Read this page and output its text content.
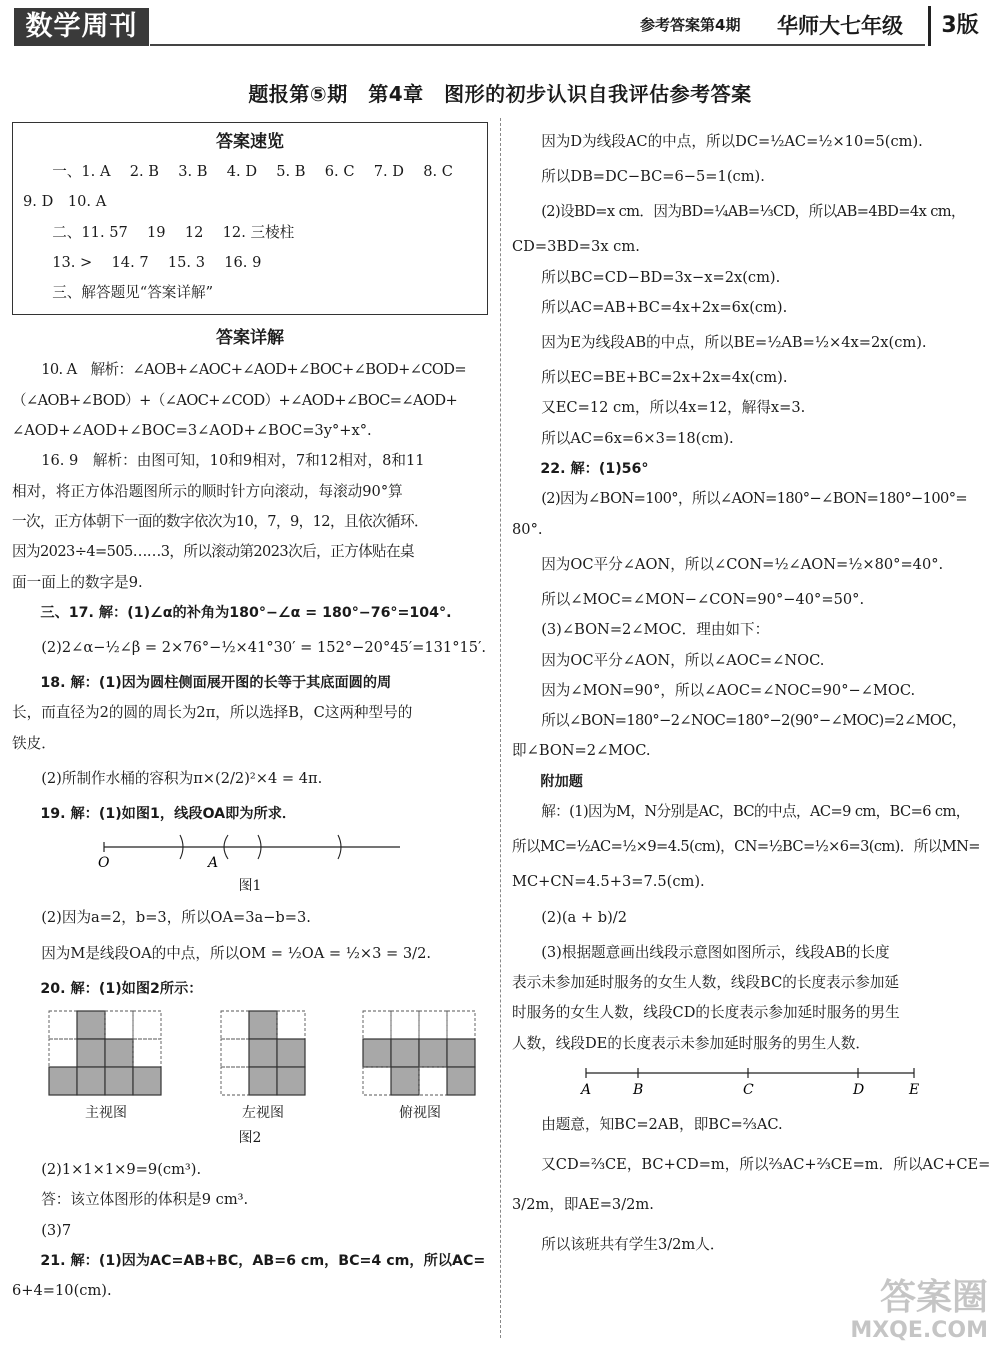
数学周刊	参考答案第4期 华师大七年级	3版
题报第⑤期　第4章　图形的初步认识自我评估参考答案
答案速览
一、1. A　 2. B　 3. B　 4. D　 5. B　 6. C　 7. D　 8. C
9. D　10. A
二、11. 57　 19　 12　 12. 三棱柱
13. >　 14. 7　 15. 3　 16. 9
三、解答题见“答案详解”
答案详解
10. A　解析：∠AOB+∠AOC+∠AOD+∠BOC+∠BOD+∠COD=
（∠AOB+∠BOD）+（∠AOC+∠COD）+∠AOD+∠BOC=∠AOD+
∠AOD+∠AOD+∠BOC=3∠AOD+∠BOC=3y°+x°.
16. 9　解析：由图可知，10和9相对，7和12相对，8和11
相对，将正方体沿题图所示的顺时针方向滚动，每滚动90°算
一次，正方体朝下一面的数字依次为10，7，9，12，且依次循环．
因为2023÷4=505……3，所以滚动第2023次后，正方体贴在桌
面一面上的数字是9.
三、17. 解：(1)∠α的补角为180°−∠α = 180°−76°=104°.
(2)2∠α−½∠β = 2×76°−½×41°30′ = 152°−20°45′=131°15′.
18. 解：(1)因为圆柱侧面展开图的长等于其底面圆的周
长，而直径为2的圆的周长为2π，所以选择B，C这两种型号的
铁皮．
(2)所制作水桶的容积为π×(2/2)²×4 = 4π.
19. 解：(1)如图1，线段OA即为所求．
O	A
图1
(2)因为a=2，b=3，所以OA=3a−b=3.
因为M是线段OA的中点，所以OM = ½OA = ½×3 = 3/2.
20. 解：(1)如图2所示：
主视图	左视图	俯视图
图2
(2)1×1×1×9=9(cm³).
答：该立体图形的体积是9 cm³.
(3)7
21. 解：(1)因为AC=AB+BC，AB=6 cm，BC=4 cm，所以AC=
6+4=10(cm).
因为D为线段AC的中点，所以DC=½AC=½×10=5(cm).
所以DB=DC−BC=6−5=1(cm).
(2)设BD=x cm．因为BD=¼AB=⅓CD，所以AB=4BD=4x cm，
CD=3BD=3x cm.
所以BC=CD−BD=3x−x=2x(cm).
所以AC=AB+BC=4x+2x=6x(cm).
因为E为线段AB的中点，所以BE=½AB=½×4x=2x(cm).
所以EC=BE+BC=2x+2x=4x(cm).
又EC=12 cm，所以4x=12，解得x=3.
所以AC=6x=6×3=18(cm).
22. 解：(1)56°
(2)因为∠BON=100°，所以∠AON=180°−∠BON=180°−100°=
80°.
因为OC平分∠AON，所以∠CON=½∠AON=½×80°=40°.
所以∠MOC=∠MON−∠CON=90°−40°=50°.
(3)∠BON=2∠MOC．理由如下：
因为OC平分∠AON，所以∠AOC=∠NOC.
因为∠MON=90°，所以∠AOC=∠NOC=90°−∠MOC.
所以∠BON=180°−2∠NOC=180°−2(90°−∠MOC)=2∠MOC，
即∠BON=2∠MOC.
附加题
解：(1)因为M，N分别是AC，BC的中点，AC=9 cm，BC=6 cm，
所以MC=½AC=½×9=4.5(cm)，CN=½BC=½×6=3(cm)．所以MN=
MC+CN=4.5+3=7.5(cm).
(2)(a + b)/2
(3)根据题意画出线段示意图如图所示，线段AB的长度
表示未参加延时服务的女生人数，线段BC的长度表示参加延
时服务的女生人数，线段CD的长度表示参加延时服务的男生
人数，线段DE的长度表示未参加延时服务的男生人数．
A	B	C	D	E
由题意，知BC=2AB，即BC=⅔AC.
又CD=⅔CE，BC+CD=m，所以⅔AC+⅔CE=m．所以AC+CE=
3/2m，即AE=3/2m.
所以该班共有学生3/2m人．
答案圈
MXQE.COM
